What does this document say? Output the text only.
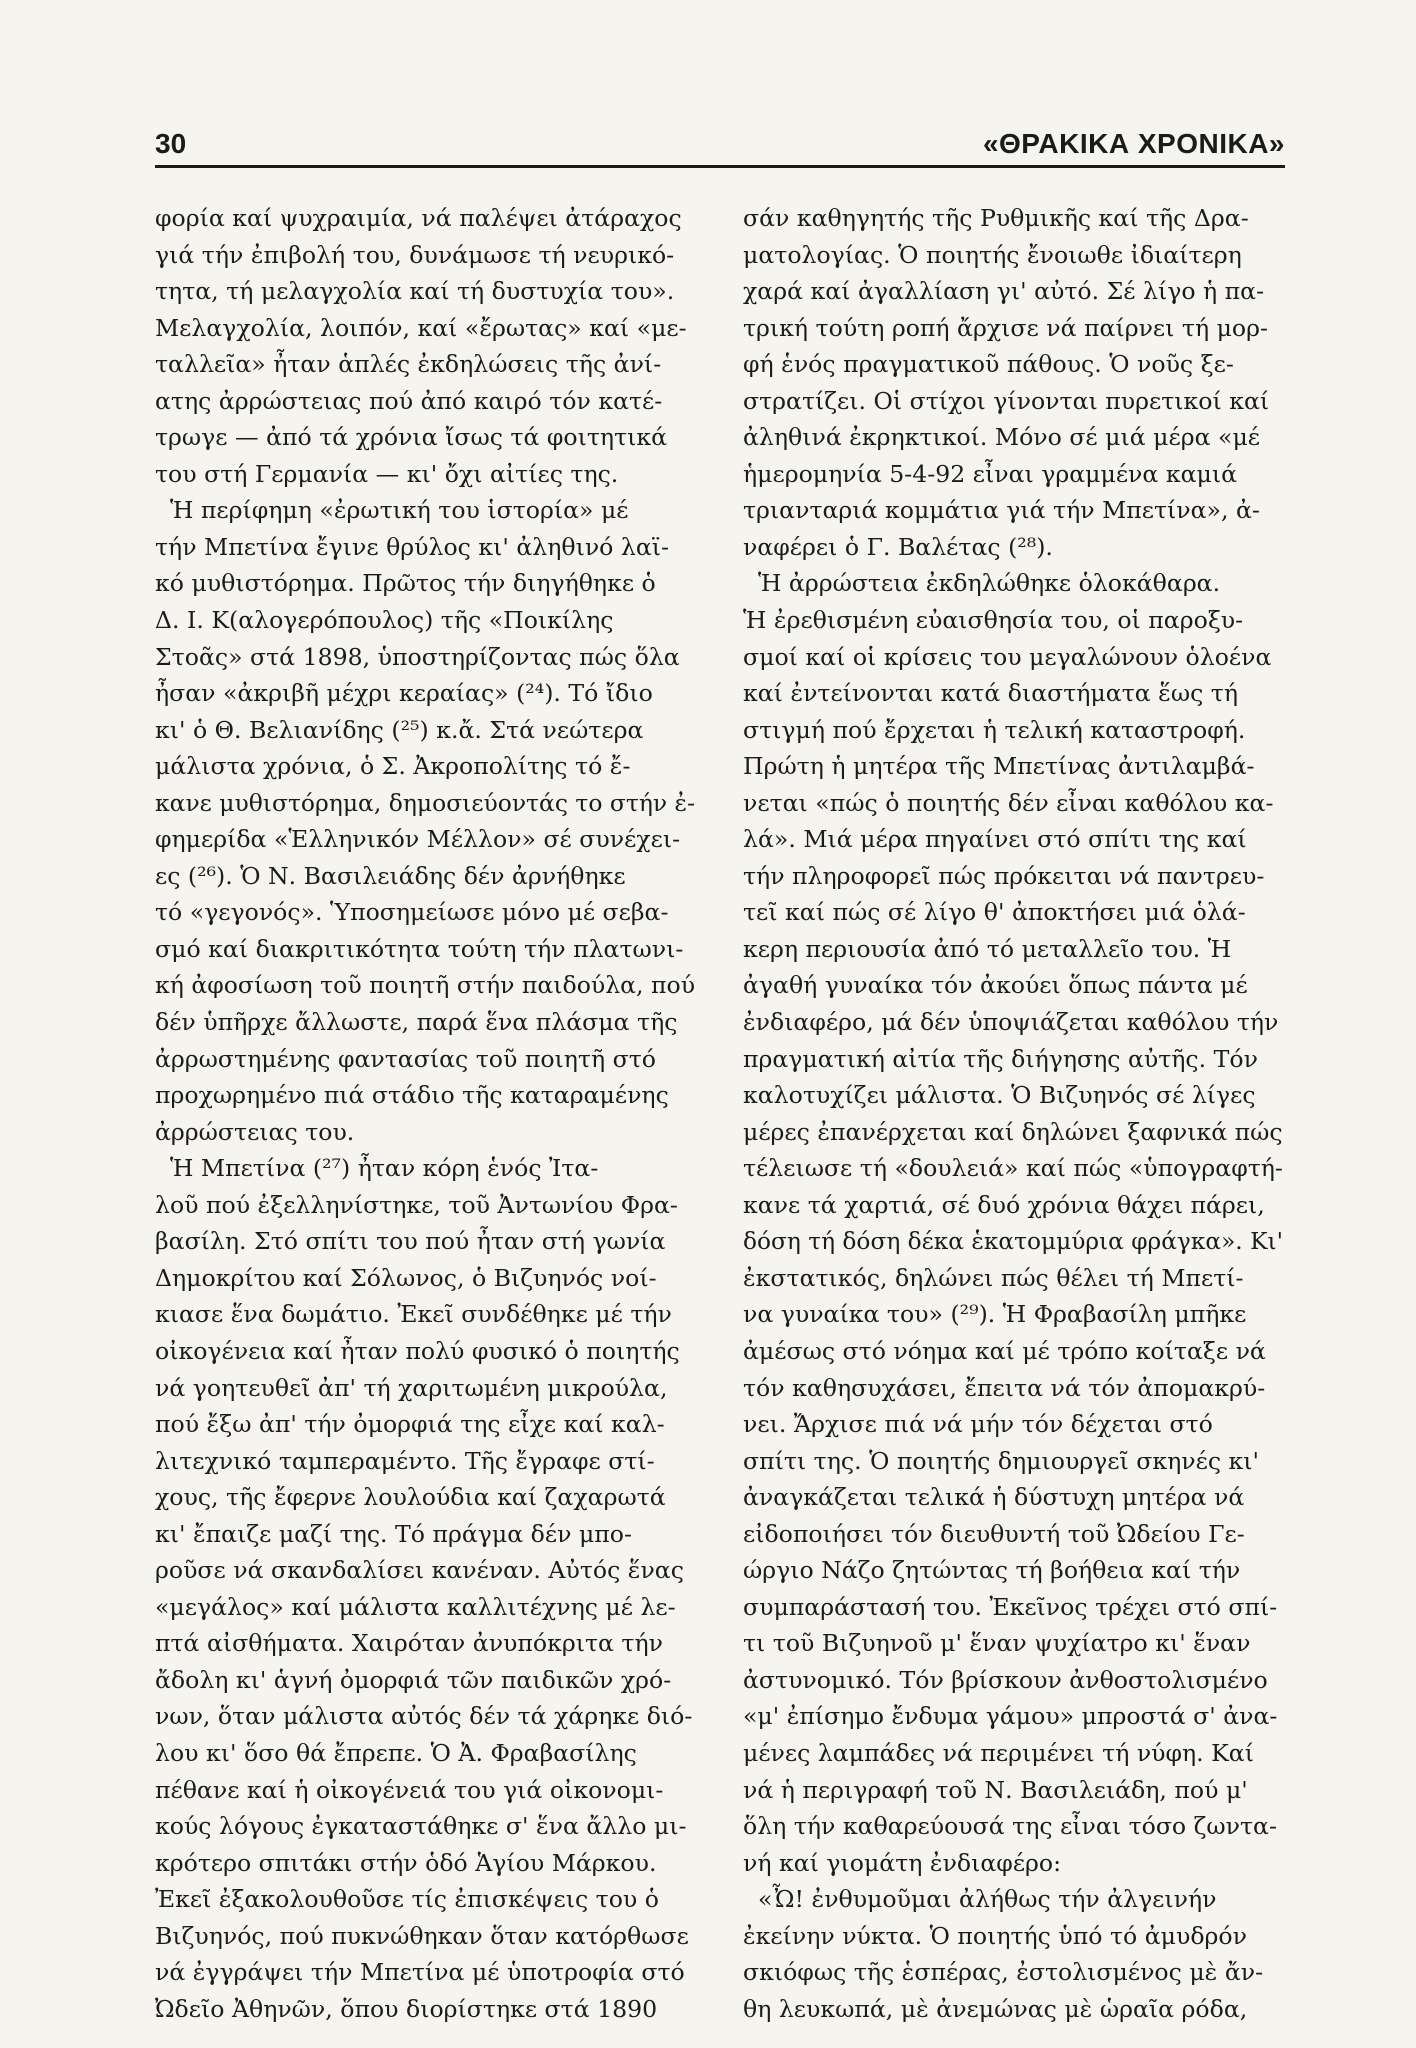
30	«ΘΡΑΚΙΚΑ ΧΡΟΝΙΚΑ»
φορία καί ψυχραιμία, νά παλέψει ἀτάραχος
γιά τήν ἐπιβολή του, δυνάμωσε τή νευρικό-
τητα, τή μελαγχολία καί τή δυστυχία του».
Μελαγχολία, λοιπόν, καί «ἔρωτας» καί «με-
ταλλεῖα» ἦταν ἁπλές ἐκδηλώσεις τῆς ἀνί-
ατης ἀρρώστειας πού ἀπό καιρό τόν κατέ-
τρωγε — ἀπό τά χρόνια ἴσως τά φοιτητικά
του στή Γερμανία — κι' ὄχι αἰτίες της.
Ἡ περίφημη «ἐρωτική του ἱστορία» μέ
τήν Μπετίνα ἔγινε θρύλος κι' ἀληθινό λαϊ-
κό μυθιστόρημα. Πρῶτος τήν διηγήθηκε ὁ
Δ. Ι. Κ(αλογερόπουλος) τῆς «Ποικίλης
Στοᾶς» στά 1898, ὑποστηρίζοντας πώς ὅλα
ἦσαν «ἀκριβῆ μέχρι κεραίας» (²⁴). Τό ἴδιο
κι' ὁ Θ. Βελιανίδης (²⁵) κ.ἄ. Στά νεώτερα
μάλιστα χρόνια, ὁ Σ. Ἀκροπολίτης τό ἔ-
κανε μυθιστόρημα, δημοσιεύοντάς το στήν ἐ-
φημερίδα «Ἑλληνικόν Μέλλον» σέ συνέχει-
ες (²⁶). Ὁ Ν. Βασιλειάδης δέν ἀρνήθηκε
τό «γεγονός». Ὑποσημείωσε μόνο μέ σεβα-
σμό καί διακριτικότητα τούτη τήν πλατωνι-
κή ἀφοσίωση τοῦ ποιητῆ στήν παιδούλα, πού
δέν ὑπῆρχε ἄλλωστε, παρά ἕνα πλάσμα τῆς
ἀρρωστημένης φαντασίας τοῦ ποιητῆ στό
προχωρημένο πιά στάδιο τῆς καταραμένης
ἀρρώστειας του.
Ἡ Μπετίνα (²⁷) ἦταν κόρη ἑνός Ἰτα-
λοῦ πού ἐξελληνίστηκε, τοῦ Ἀντωνίου Φρα-
βασίλη. Στό σπίτι του πού ἦταν στή γωνία
Δημοκρίτου καί Σόλωνος, ὁ Βιζυηνός νοί-
κιασε ἕνα δωμάτιο. Ἐκεῖ συνδέθηκε μέ τήν
οἰκογένεια καί ἦταν πολύ φυσικό ὁ ποιητής
νά γοητευθεῖ ἀπ' τή χαριτωμένη μικρούλα,
πού ἔξω ἀπ' τήν ὀμορφιά της εἶχε καί καλ-
λιτεχνικό ταμπεραμέντο. Τῆς ἔγραφε στί-
χους, τῆς ἔφερνε λουλούδια καί ζαχαρωτά
κι' ἔπαιζε μαζί της. Τό πράγμα δέν μπο-
ροῦσε νά σκανδαλίσει κανέναν. Αὐτός ἕνας
«μεγάλος» καί μάλιστα καλλιτέχνης μέ λε-
πτά αἰσθήματα. Χαιρόταν ἀνυπόκριτα τήν
ἄδολη κι' ἁγνή ὀμορφιά τῶν παιδικῶν χρό-
νων, ὅταν μάλιστα αὐτός δέν τά χάρηκε διό-
λου κι' ὅσο θά ἔπρεπε. Ὁ Ἀ. Φραβασίλης
πέθανε καί ἡ οἰκογένειά του γιά οἰκονομι-
κούς λόγους ἐγκαταστάθηκε σ' ἕνα ἄλλο μι-
κρότερο σπιτάκι στήν ὁδό Ἁγίου Μάρκου.
Ἐκεῖ ἐξακολουθοῦσε τίς ἐπισκέψεις του ὁ
Βιζυηνός, πού πυκνώθηκαν ὅταν κατόρθωσε
νά ἐγγράψει τήν Μπετίνα μέ ὑποτροφία στό
Ὠδεῖο Ἀθηνῶν, ὅπου διορίστηκε στά 1890
σάν καθηγητής τῆς Ρυθμικῆς καί τῆς Δρα-
ματολογίας. Ὁ ποιητής ἔνοιωθε ἰδιαίτερη
χαρά καί ἀγαλλίαση γι' αὐτό. Σέ λίγο ἡ πα-
τρική τούτη ροπή ἄρχισε νά παίρνει τή μορ-
φή ἑνός πραγματικοῦ πάθους. Ὁ νοῦς ξε-
στρατίζει. Οἱ στίχοι γίνονται πυρετικοί καί
ἀληθινά ἐκρηκτικοί. Μόνο σέ μιά μέρα «μέ
ἡμερομηνία 5-4-92 εἶναι γραμμένα καμιά
τριανταριά κομμάτια γιά τήν Μπετίνα», ἀ-
ναφέρει ὁ Γ. Βαλέτας (²⁸).
Ἡ ἀρρώστεια ἐκδηλώθηκε ὁλοκάθαρα.
Ἡ ἐρεθισμένη εὐαισθησία του, οἱ παροξυ-
σμοί καί οἱ κρίσεις του μεγαλώνουν ὁλοένα
καί ἐντείνονται κατά διαστήματα ἕως τή
στιγμή πού ἔρχεται ἡ τελική καταστροφή.
Πρώτη ἡ μητέρα τῆς Μπετίνας ἀντιλαμβά-
νεται «πώς ὁ ποιητής δέν εἶναι καθόλου κα-
λά». Μιά μέρα πηγαίνει στό σπίτι της καί
τήν πληροφορεῖ πώς πρόκειται νά παντρευ-
τεῖ καί πώς σέ λίγο θ' ἀποκτήσει μιά ὁλά-
κερη περιουσία ἀπό τό μεταλλεῖο του. Ἡ
ἀγαθή γυναίκα τόν ἀκούει ὅπως πάντα μέ
ἐνδιαφέρο, μά δέν ὑποψιάζεται καθόλου τήν
πραγματική αἰτία τῆς διήγησης αὐτῆς. Τόν
καλοτυχίζει μάλιστα. Ὁ Βιζυηνός σέ λίγες
μέρες ἐπανέρχεται καί δηλώνει ξαφνικά πώς
τέλειωσε τή «δουλειά» καί πώς «ὑπογραφτή-
κανε τά χαρτιά, σέ δυό χρόνια θάχει πάρει,
δόση τή δόση δέκα ἑκατομμύρια φράγκα». Κι'
ἐκστατικός, δηλώνει πώς θέλει τή Μπετί-
να γυναίκα του» (²⁹). Ἡ Φραβασίλη μπῆκε
ἀμέσως στό νόημα καί μέ τρόπο κοίταξε νά
τόν καθησυχάσει, ἔπειτα νά τόν ἀπομακρύ-
νει. Ἄρχισε πιά νά μήν τόν δέχεται στό
σπίτι της. Ὁ ποιητής δημιουργεῖ σκηνές κι'
ἀναγκάζεται τελικά ἡ δύστυχη μητέρα νά
εἰδοποιήσει τόν διευθυντή τοῦ Ὠδείου Γε-
ώργιο Νάζο ζητώντας τή βοήθεια καί τήν
συμπαράστασή του. Ἐκεῖνος τρέχει στό σπί-
τι τοῦ Βιζυηνοῦ μ' ἕναν ψυχίατρο κι' ἕναν
ἀστυνομικό. Τόν βρίσκουν ἀνθοστολισμένο
«μ' ἐπίσημο ἔνδυμα γάμου» μπροστά σ' ἀνα-
μένες λαμπάδες νά περιμένει τή νύφη. Καί
νά ἡ περιγραφή τοῦ Ν. Βασιλειάδη, πού μ'
ὅλη τήν καθαρεύουσά της εἶναι τόσο ζωντα-
νή καί γιομάτη ἐνδιαφέρο:
«Ὦ! ἐνθυμοῦμαι ἀλήθως τήν ἀλγεινήν
ἐκείνην νύκτα. Ὁ ποιητής ὑπό τό ἀμυδρόν
σκιόφως τῆς ἑσπέρας, ἐστολισμένος μὲ ἄν-
θη λευκωπά, μὲ ἀνεμώνας μὲ ὡραῖα ρόδα,
